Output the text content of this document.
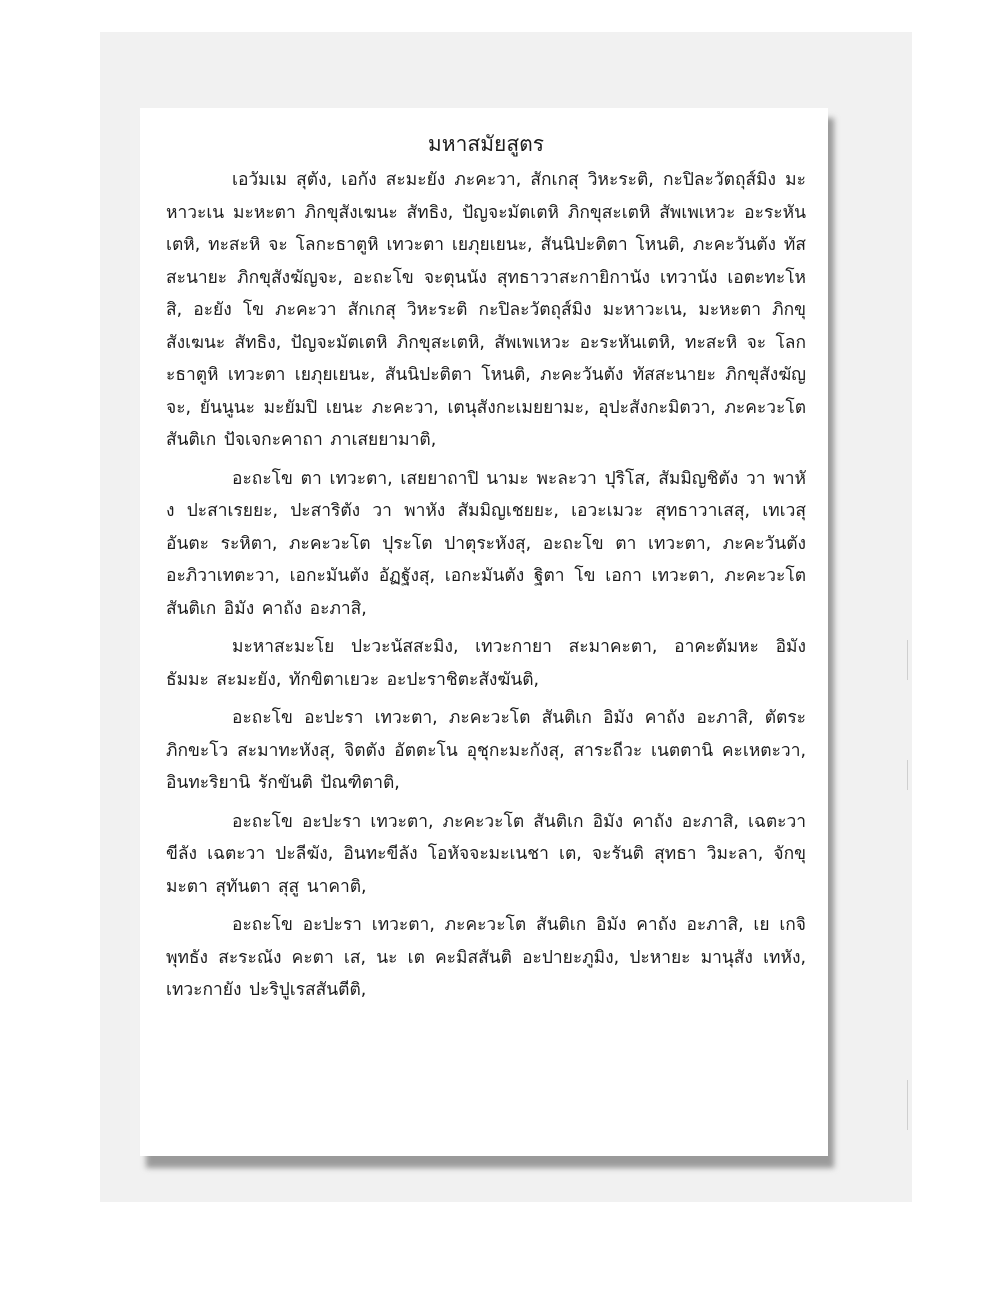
มหาสมัยสูตร

เอวัมเม สุตัง, เอกัง สะมะยัง ภะคะวา, สักเกสุ วิหะระติ, กะปิละวัตถุส์มิง มะหาวะเน มะหะตา ภิกขุสังเฆนะ สัทธิง, ปัญจะมัตเตหิ ภิกขุสะเตหิ สัพเพเหวะ อะระหันเตหิ, ทะสะหิ จะ โลกะธาตูหิ เทวะตา เยภุยเยนะ, สันนิปะติตา โหนติ, ภะคะวันตัง ทัสสะนายะ ภิกขุสังฆัญจะ, อะถะโข จะตุนนัง สุทธาวาสะกายิกานัง เทวานัง เอตะทะโหสิ, อะยัง โข ภะคะวา สักเกสุ วิหะระติ กะปิละวัตถุส์มิง มะหาวะเน, มะหะตา ภิกขุสังเฆนะ สัทธิง, ปัญจะมัตเตหิ ภิกขุสะเตหิ, สัพเพเหวะ อะระหันเตหิ, ทะสะหิ จะ โลกะธาตูหิ เทวะตา เยภุยเยนะ, สันนิปะติตา โหนติ, ภะคะวันตัง ทัสสะนายะ ภิกขุสังฆัญจะ, ยันนูนะ มะยัมปิ เยนะ ภะคะวา, เตนุสังกะเมยยามะ, อุปะสังกะมิตวา, ภะคะวะโต สันติเก ปัจเจกะคาถา ภาเสยยามาติ,

อะถะโข ตา เทวะตา, เสยยาถาปิ นามะ พะละวา ปุริโส, สัมมิญชิตัง วา พาหัง ปะสาเรยยะ, ปะสาริตัง วา พาหัง สัมมิญเชยยะ, เอวะเมวะ สุทธาวาเสสุ, เทเวสุ อันตะ ระหิตา, ภะคะวะโต ปุระโต ปาตุระหังสุ, อะถะโข ตา เทวะตา, ภะคะวันตัง อะภิวาเทตะวา, เอกะมันตัง อัฏฐังสุ, เอกะมันตัง ฐิตา โข เอกา เทวะตา, ภะคะวะโต สันติเก อิมัง คาถัง อะภาสิ,

มะหาสะมะโย ปะวะนัสสะมิง, เทวะกายา สะมาคะตา, อาคะตัมหะ อิมัง ธัมมะ สะมะยัง, ทักขิตาเยวะ อะปะราชิตะสังฆันติ,

อะถะโข อะปะรา เทวะตา, ภะคะวะโต สันติเก อิมัง คาถัง อะภาสิ, ตัตระ ภิกขะโว สะมาทะหังสุ, จิตตัง อัตตะโน อุชุกะมะกังสุ, สาระถีวะ เนตตานิ คะเหตะวา, อินทะริยานิ รักขันติ ปัณฑิตาติ,

อะถะโข อะปะรา เทวะตา, ภะคะวะโต สันติเก อิมัง คาถัง อะภาสิ, เฉตะวา ขีลัง เฉตะวา ปะลีฆัง, อินทะขีลัง โอหัจจะมะเนชา เต, จะรันติ สุทธา วิมะลา, จักขุมะตา สุทันตา สุสู นาคาติ,

อะถะโข อะปะรา เทวะตา, ภะคะวะโต สันติเก อิมัง คาถัง อะภาสิ, เย เกจิ พุทธัง สะระณัง คะตา เส, นะ เต คะมิสสันติ อะปายะภูมิง, ปะหายะ มานุสัง เทหัง, เทวะกายัง ปะริปูเรสสันตีติ,
